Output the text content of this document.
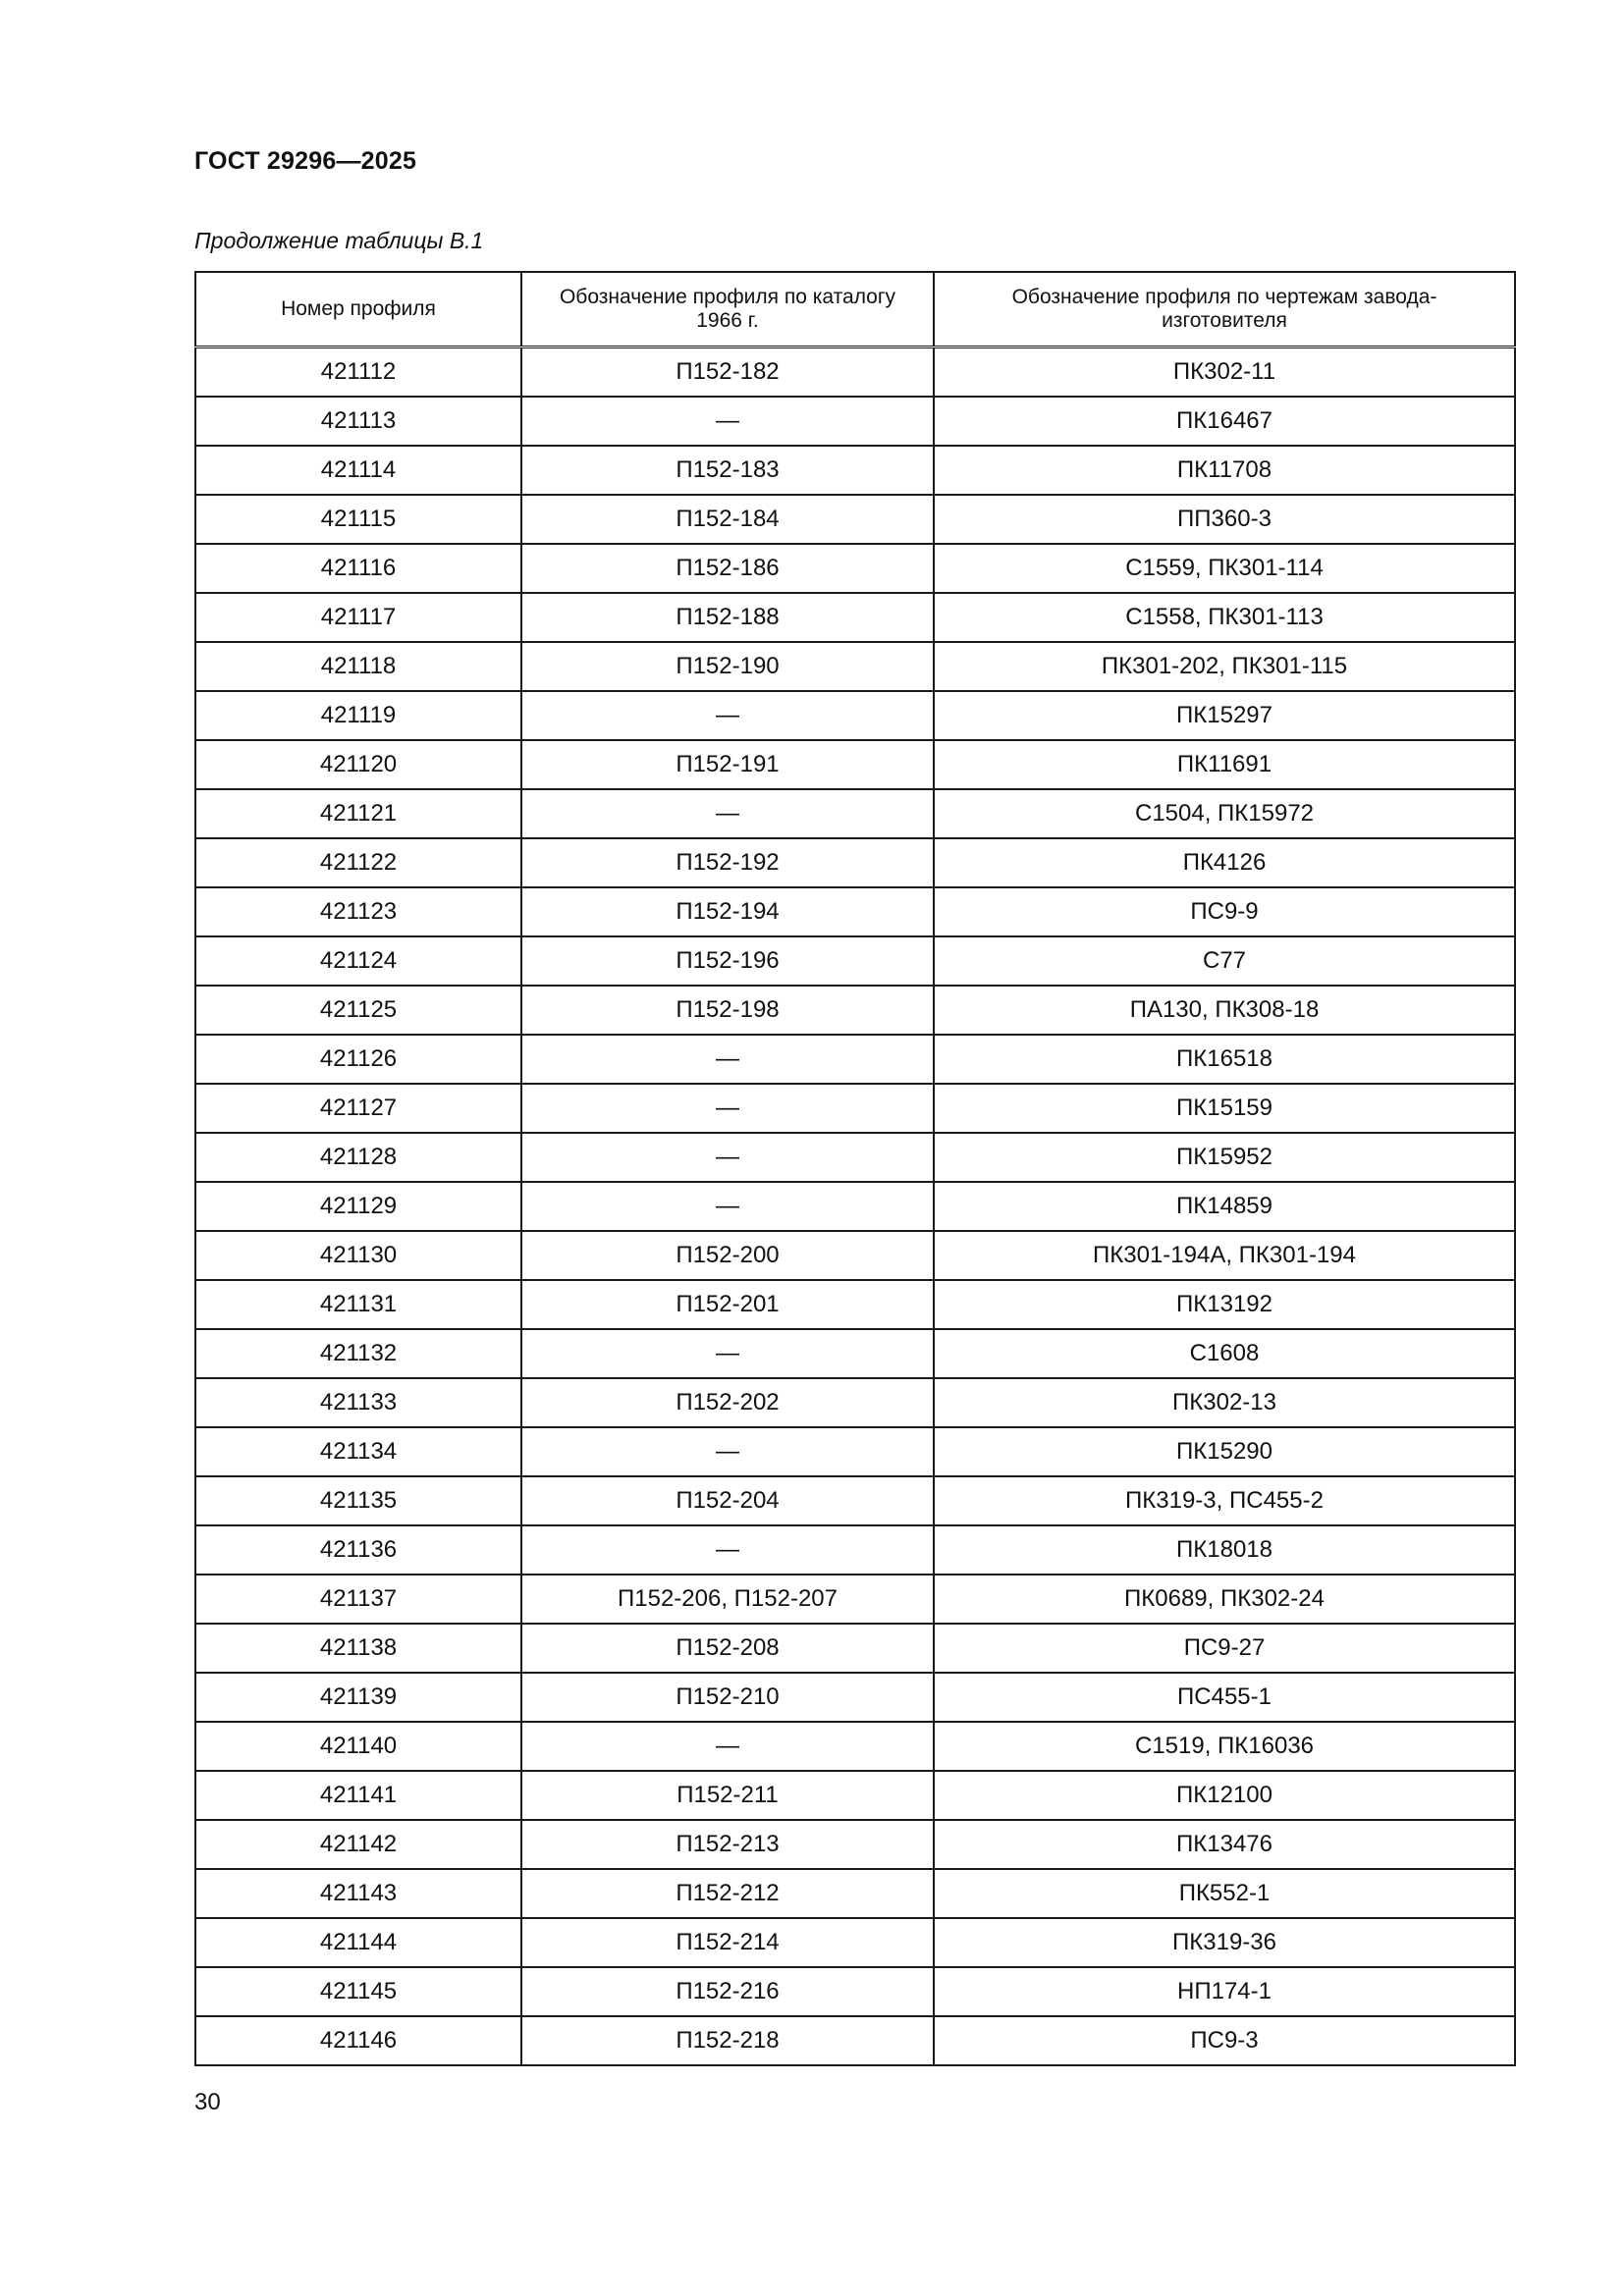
ГОСТ 29296—2025
Продолжение таблицы В.1
Номер профиля	Обозначение профиля по каталогу 1966 г.	Обозначение профиля по чертежам завода-изготовителя
421112	П152-182	ПК302-11
421113	—	ПК16467
421114	П152-183	ПК11708
421115	П152-184	ПП360-3
421116	П152-186	С1559, ПК301-114
421117	П152-188	С1558, ПК301-113
421118	П152-190	ПК301-202, ПК301-115
421119	—	ПК15297
421120	П152-191	ПК11691
421121	—	С1504, ПК15972
421122	П152-192	ПК4126
421123	П152-194	ПС9-9
421124	П152-196	С77
421125	П152-198	ПА130, ПК308-18
421126	—	ПК16518
421127	—	ПК15159
421128	—	ПК15952
421129	—	ПК14859
421130	П152-200	ПК301-194А, ПК301-194
421131	П152-201	ПК13192
421132	—	С1608
421133	П152-202	ПК302-13
421134	—	ПК15290
421135	П152-204	ПК319-3, ПС455-2
421136	—	ПК18018
421137	П152-206, П152-207	ПК0689, ПК302-24
421138	П152-208	ПС9-27
421139	П152-210	ПС455-1
421140	—	С1519, ПК16036
421141	П152-211	ПК12100
421142	П152-213	ПК13476
421143	П152-212	ПК552-1
421144	П152-214	ПК319-36
421145	П152-216	НП174-1
421146	П152-218	ПС9-3
30
